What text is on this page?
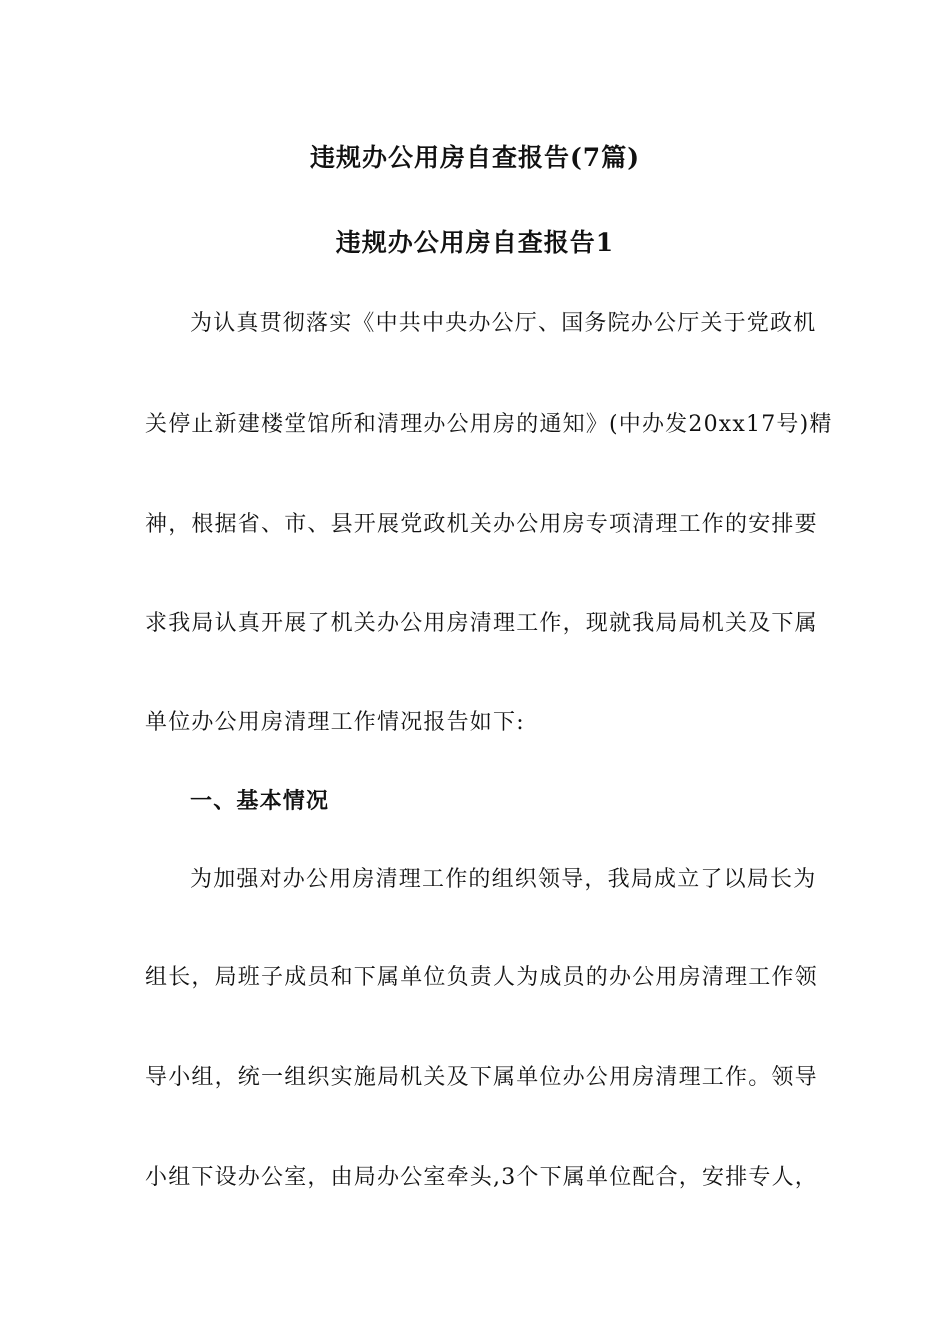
违规办公用房自查报告(7篇)
违规办公用房自查报告1
为认真贯彻落实《中共中央办公厅、国务院办公厅关于党政机
关停止新建楼堂馆所和清理办公用房的通知》(中办发20xx17号)精
神，根据省、市、县开展党政机关办公用房专项清理工作的安排要
求我局认真开展了机关办公用房清理工作，现就我局局机关及下属
单位办公用房清理工作情况报告如下:
一、基本情况
为加强对办公用房清理工作的组织领导，我局成立了以局长为
组长，局班子成员和下属单位负责人为成员的办公用房清理工作领
导小组，统一组织实施局机关及下属单位办公用房清理工作。领导
小组下设办公室，由局办公室牵头,3个下属单位配合，安排专人，
